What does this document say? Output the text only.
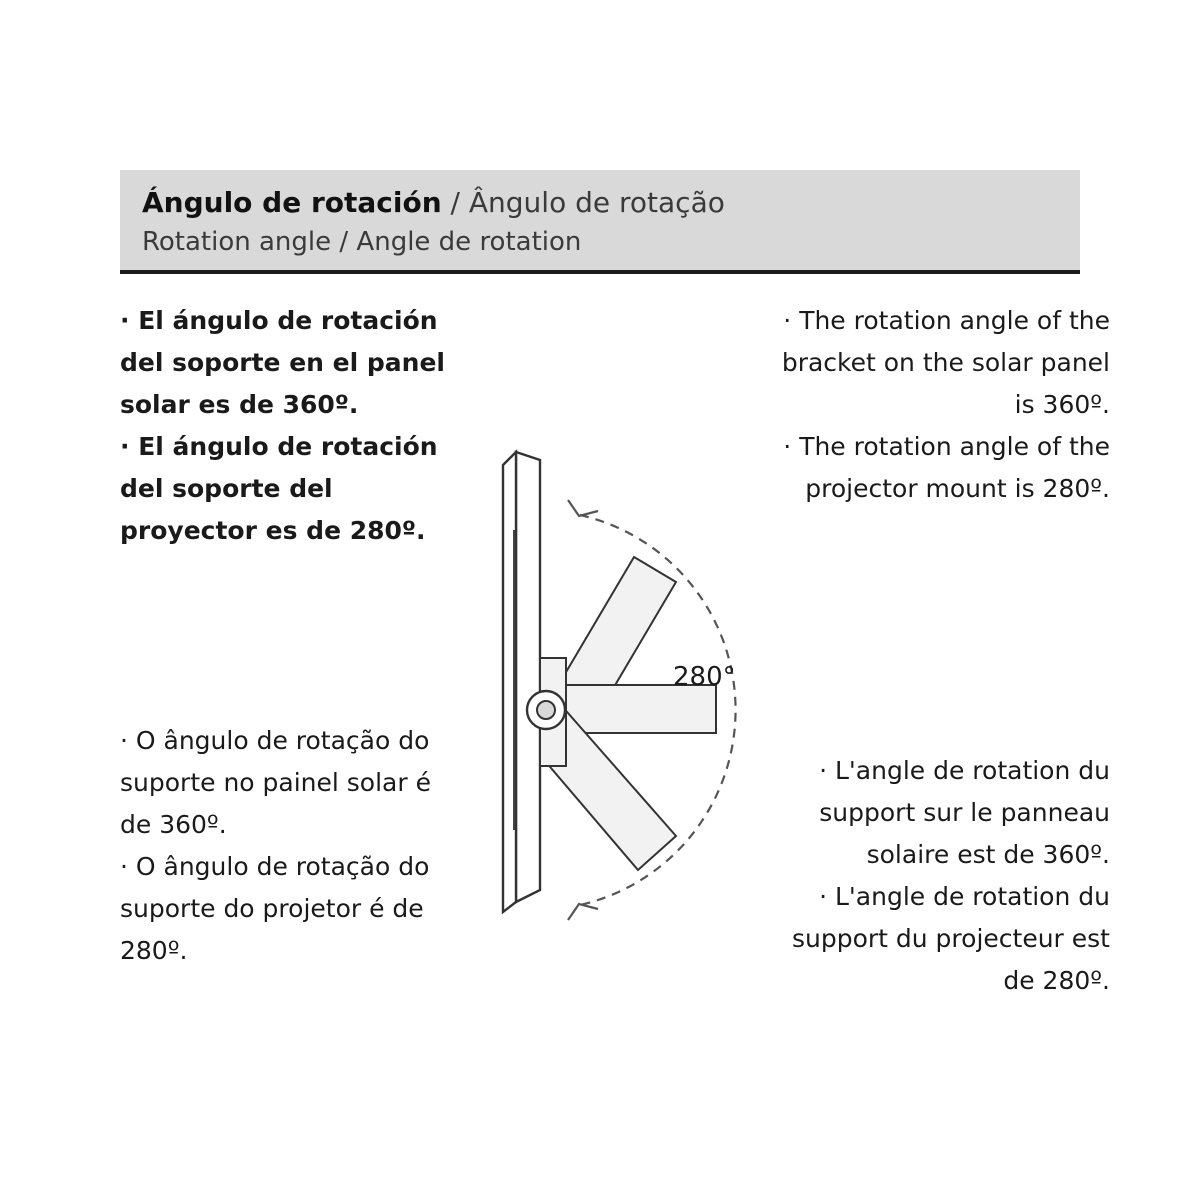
Ángulo de rotación / Ângulo de rotação
Rotation angle / Angle de rotation

· El ángulo de rotación del soporte en el panel solar es de 360º.

· El ángulo de rotación del soporte del proyector es de 280º.

· The rotation angle of the bracket on the solar panel is 360º.

· The rotation angle of the projector mount is 280º.

· O ângulo de rotação do suporte no painel solar é de 360º.

· O ângulo de rotação do suporte do projetor é de 280º.

· L'angle de rotation du support sur le panneau solaire est de 360º.

· L'angle de rotation du support du projecteur est de 280º.

280°
